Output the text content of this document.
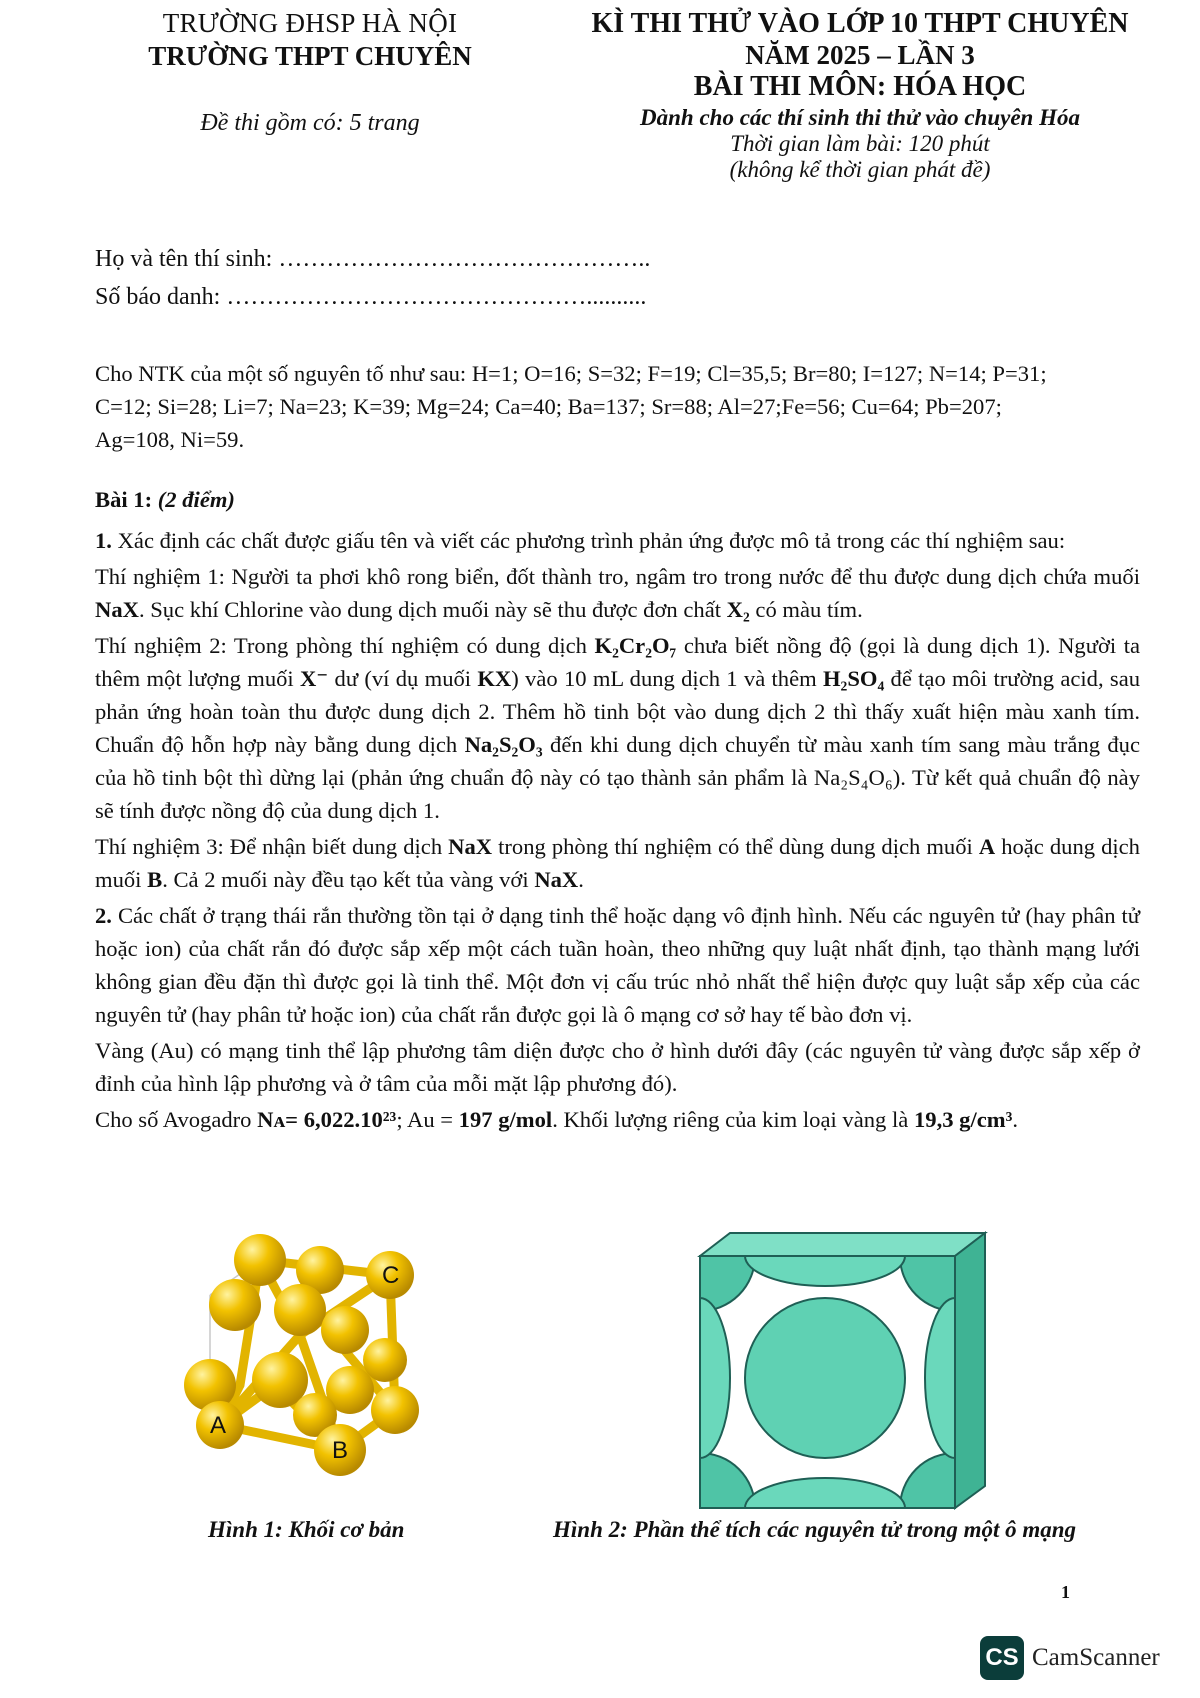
TRƯỜNG ĐHSP HÀ NỘI
TRƯỜNG THPT CHUYÊN
Đề thi gồm có: 5 trang
KÌ THI THỬ VÀO LỚP 10 THPT CHUYÊN
NĂM 2025 – LẦN 3
BÀI THI MÔN: HÓA HỌC
Dành cho các thí sinh thi thử vào chuyên Hóa
Thời gian làm bài: 120 phút
(không kể thời gian phát đề)
Họ và tên thí sinh: ………………………………………..
Số báo danh: ………………………………………..........
Cho NTK của một số nguyên tố như sau: H=1; O=16; S=32; F=19; Cl=35,5; Br=80; I=127; N=14; P=31;
C=12; Si=28; Li=7; Na=23; K=39; Mg=24; Ca=40; Ba=137; Sr=88; Al=27;Fe=56; Cu=64; Pb=207;
Ag=108, Ni=59.

Bài 1: (2 điểm)

1. Xác định các chất được giấu tên và viết các phương trình phản ứng được mô tả trong các thí nghiệm sau:

Thí nghiệm 1: Người ta phơi khô rong biển, đốt thành tro, ngâm tro trong nước để thu được dung dịch chứa muối NaX. Sục khí Chlorine vào dung dịch muối này sẽ thu được đơn chất X₂ có màu tím.

Thí nghiệm 2: Trong phòng thí nghiệm có dung dịch K₂Cr₂O₇ chưa biết nồng độ (gọi là dung dịch 1). Người ta thêm một lượng muối X⁻ dư (ví dụ muối KX) vào 10 mL dung dịch 1 và thêm H₂SO₄ để tạo môi trường acid, sau phản ứng hoàn toàn thu được dung dịch 2. Thêm hồ tinh bột vào dung dịch 2 thì thấy xuất hiện màu xanh tím. Chuẩn độ hỗn hợp này bằng dung dịch Na₂S₂O₃ đến khi dung dịch chuyển từ màu xanh tím sang màu trắng đục của hồ tinh bột thì dừng lại (phản ứng chuẩn độ này có tạo thành sản phẩm là Na₂S₄O₆). Từ kết quả chuẩn độ này sẽ tính được nồng độ của dung dịch 1.

Thí nghiệm 3: Để nhận biết dung dịch NaX trong phòng thí nghiệm có thể dùng dung dịch muối A hoặc dung dịch muối B. Cả 2 muối này đều tạo kết tủa vàng với NaX.

2. Các chất ở trạng thái rắn thường tồn tại ở dạng tinh thể hoặc dạng vô định hình. Nếu các nguyên tử (hay phân tử hoặc ion) của chất rắn đó được sắp xếp một cách tuần hoàn, theo những quy luật nhất định, tạo thành mạng lưới không gian đều đặn thì được gọi là tinh thể. Một đơn vị cấu trúc nhỏ nhất thể hiện được quy luật sắp xếp của các nguyên tử (hay phân tử hoặc ion) của chất rắn được gọi là ô mạng cơ sở hay tế bào đơn vị.

Vàng (Au) có mạng tinh thể lập phương tâm diện được cho ở hình dưới đây (các nguyên tử vàng được sắp xếp ở đỉnh của hình lập phương và ở tâm của mỗi mặt lập phương đó).

Cho số Avogadro Nᴀ= 6,022.10²³; Au = 197 g/mol. Khối lượng riêng của kim loại vàng là 19,3 g/cm³.

A
B
C
Hình 1: Khối cơ bản	Hình 2: Phần thể tích các nguyên tử trong một ô mạng
1
CS CamScanner
